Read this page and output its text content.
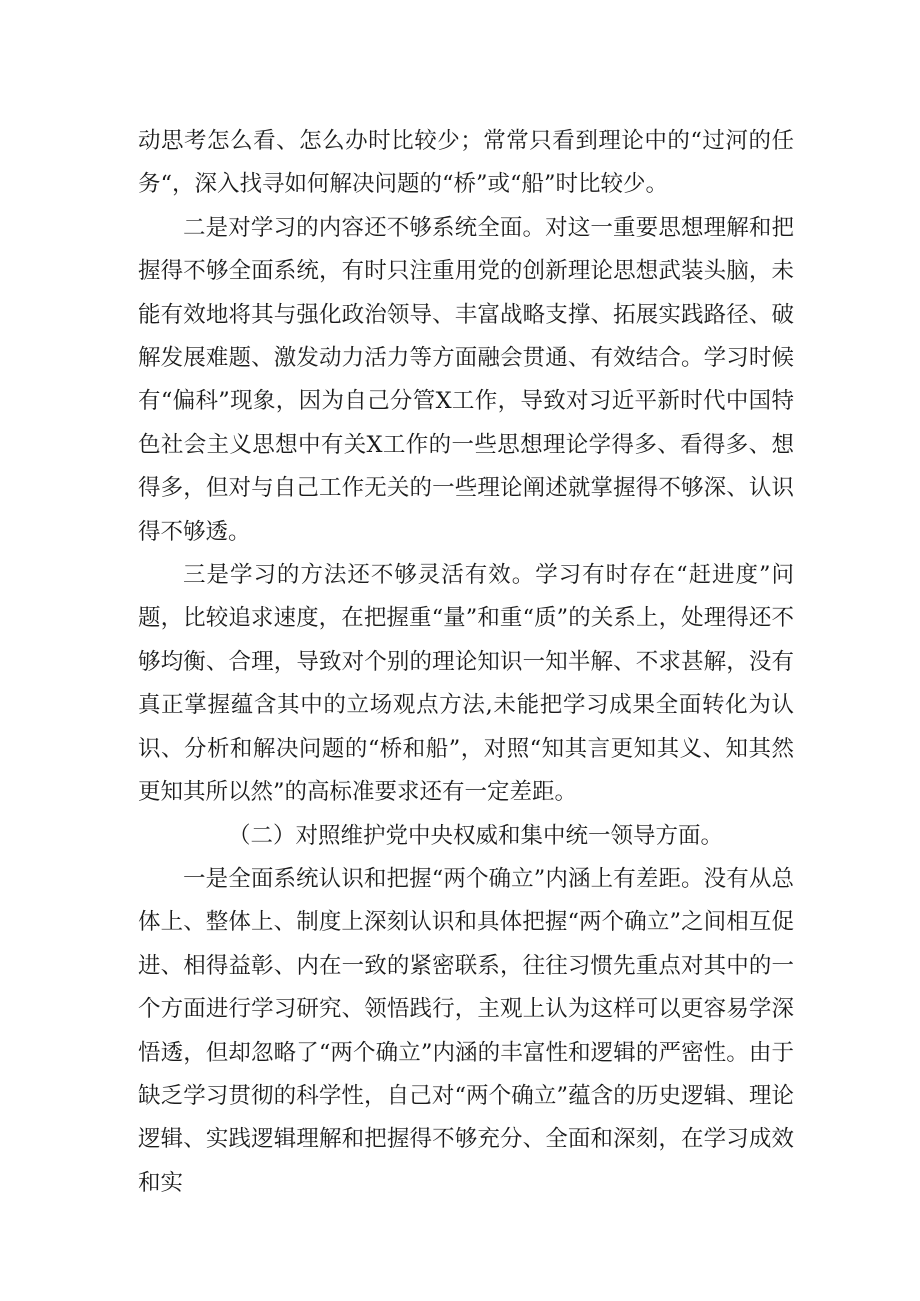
动思考怎么看、怎么办时比较少；常常只看到理论中的“过河的任务“，深入找寻如何解决问题的“桥”或“船”时比较少。

二是对学习的内容还不够系统全面。对这一重要思想理解和把握得不够全面系统，有时只注重用党的创新理论思想武装头脑，未能有效地将其与强化政治领导、丰富战略支撑、拓展实践路径、破解发展难题、激发动力活力等方面融会贯通、有效结合。学习时候有“偏科”现象，因为自己分管X工作，导致对习近平新时代中国特色社会主义思想中有关X工作的一些思想理论学得多、看得多、想得多，但对与自己工作无关的一些理论阐述就掌握得不够深、认识得不够透。

三是学习的方法还不够灵活有效。学习有时存在“赶进度”问题，比较追求速度，在把握重“量”和重“质”的关系上，处理得还不够均衡、合理，导致对个别的理论知识一知半解、不求甚解，没有真正掌握蕴含其中的立场观点方法,未能把学习成果全面转化为认识、分析和解决问题的“桥和船”，对照“知其言更知其义、知其然更知其所以然”的高标准要求还有一定差距。

（二）对照维护党中央权威和集中统一领导方面。

一是全面系统认识和把握“两个确立”内涵上有差距。没有从总体上、整体上、制度上深刻认识和具体把握“两个确立”之间相互促进、相得益彰、内在一致的紧密联系，往往习惯先重点对其中的一个方面进行学习研究、领悟践行，主观上认为这样可以更容易学深悟透，但却忽略了“两个确立”内涵的丰富性和逻辑的严密性。由于缺乏学习贯彻的科学性，自己对“两个确立”蕴含的历史逻辑、理论逻辑、实践逻辑理解和把握得不够充分、全面和深刻，在学习成效和实
